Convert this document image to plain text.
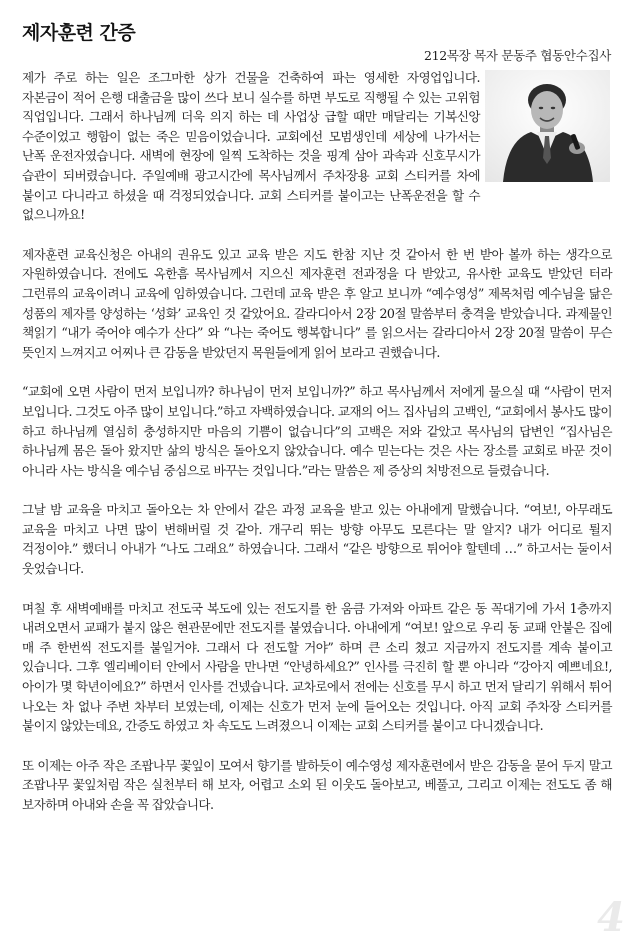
제자훈련 간증
212목장 목자 문동주 협동안수집사

제가 주로 하는 일은 조그마한 상가 건물을 건축하여 파는 영세한 자영업입니다. 자본금이 적어 은행 대출금을 많이 쓰다 보니 실수를 하면 부도로 직행될 수 있는 고위험 직업입니다. 그래서 하나님께 더욱 의지 하는 데 사업상 급할 때만 매달리는 기복신앙 수준이었고 행함이 없는 죽은 믿음이었습니다. 교회에선 모범생인데 세상에 나가서는 난폭 운전자였습니다. 새벽에 현장에 일찍 도착하는 것을 핑계 삼아 과속과 신호무시가 습관이 되버렸습니다. 주일예배 광고시간에 목사님께서 주차장용 교회 스티커를 차에 붙이고 다니라고 하셨을 때 걱정되었습니다. 교회 스티커를 붙이고는 난폭운전을 할 수 없으니까요!

제자훈련 교육신청은 아내의 권유도 있고 교육 받은 지도 한참 지난 것 같아서 한 번 받아 볼까 하는 생각으로 자원하였습니다. 전에도 옥한흠 목사님께서 지으신 제자훈련 전과정을 다 받았고, 유사한 교육도 받았던 터라 그런류의 교육이려니 교육에 임하였습니다. 그런데 교육 받은 후 알고 보니까 “예수영성” 제목처럼 예수님을 닮은 성품의 제자를 양성하는 ‘성화’ 교육인 것 같았어요. 갈라디아서 2장 20절 말씀부터 충격을 받았습니다. 과제물인 책읽기 “내가 죽어야 예수가 산다” 와 “나는 죽어도 행복합니다” 를 읽으서는 갈라디아서 2장 20절 말씀이 무슨 뜻인지 느껴지고 어찌나 큰 감동을 받았던지 목원들에게 읽어 보라고 권했습니다.

“교회에 오면 사람이 먼저 보입니까? 하나님이 먼저 보입니까?” 하고 목사님께서 저에게 물으실 때 “사람이 먼저 보입니다. 그것도 아주 많이 보입니다.”하고 자백하였습니다. 교재의 어느 집사님의 고백인, “교회에서 봉사도 많이 하고 하나님께 열심히 충성하지만 마음의 기쁨이 없습니다”의 고백은 저와 같았고 목사님의 답변인 “집사님은 하나님께 몸은 돌아 왔지만 삶의 방식은 돌아오지 않았습니다. 예수 믿는다는 것은 사는 장소를 교회로 바꾼 것이 아니라 사는 방식을 예수님 중심으로 바꾸는 것입니다.”라는 말씀은 제 증상의 처방전으로 들렸습니다.

그날 밤 교육을 마치고 돌아오는 차 안에서 같은 과정 교육을 받고 있는 아내에게 말했습니다. “여보!, 아무래도 교육을 마치고 나면 많이 변해버릴 것 같아. 개구리 뛰는 방향 아무도 모른다는 말 알지? 내가 어디로 튈지 걱정이야.” 했더니 아내가 “나도 그래요” 하였습니다. 그래서 “같은 방향으로 튀어야 할텐데 …” 하고서는 둘이서 웃었습니다.

며칠 후 새벽예배를 마치고 전도국 복도에 있는 전도지를 한 움큼 가져와 아파트 같은 동 꼭대기에 가서 1층까지 내려오면서 교패가 붙지 않은 현관문에만 전도지를 붙였습니다. 아내에게 “여보! 앞으로 우리 동 교패 안붙은 집에 매 주 한번씩 전도지를 붙일거야. 그래서 다 전도할 거야” 하며 큰 소리 쳤고 지금까지 전도지를 계속 붙이고 있습니다. 그후 엘리베이터 안에서 사람을 만나면 “안녕하세요?” 인사를 극진히 할 뿐 아니라 “강아지 예쁘네요!, 아이가 몇 학년이에요?” 하면서 인사를 건넸습니다. 교차로에서 전에는 신호를 무시 하고 먼저 달리기 위해서 튀어 나오는 차 없나 주변 차부터 보였는데, 이제는 신호가 먼저 눈에 들어오는 것입니다. 아직 교회 주차장 스티커를 붙이지 않았는데요, 간증도 하였고 차 속도도 느려졌으니 이제는 교회 스티커를 붙이고 다니겠습니다.

또 이제는 아주 작은 조팝나무 꽃잎이 모여서 향기를 발하듯이 예수영성 제자훈련에서 받은 감동을 묻어 두지 말고 조팝나무 꽃잎처럼 작은 실천부터 해 보자, 어렵고 소외 된 이웃도 돌아보고, 베풀고, 그리고 이제는 전도도 좀 해 보자하며 아내와 손을 꼭 잡았습니다.

4
